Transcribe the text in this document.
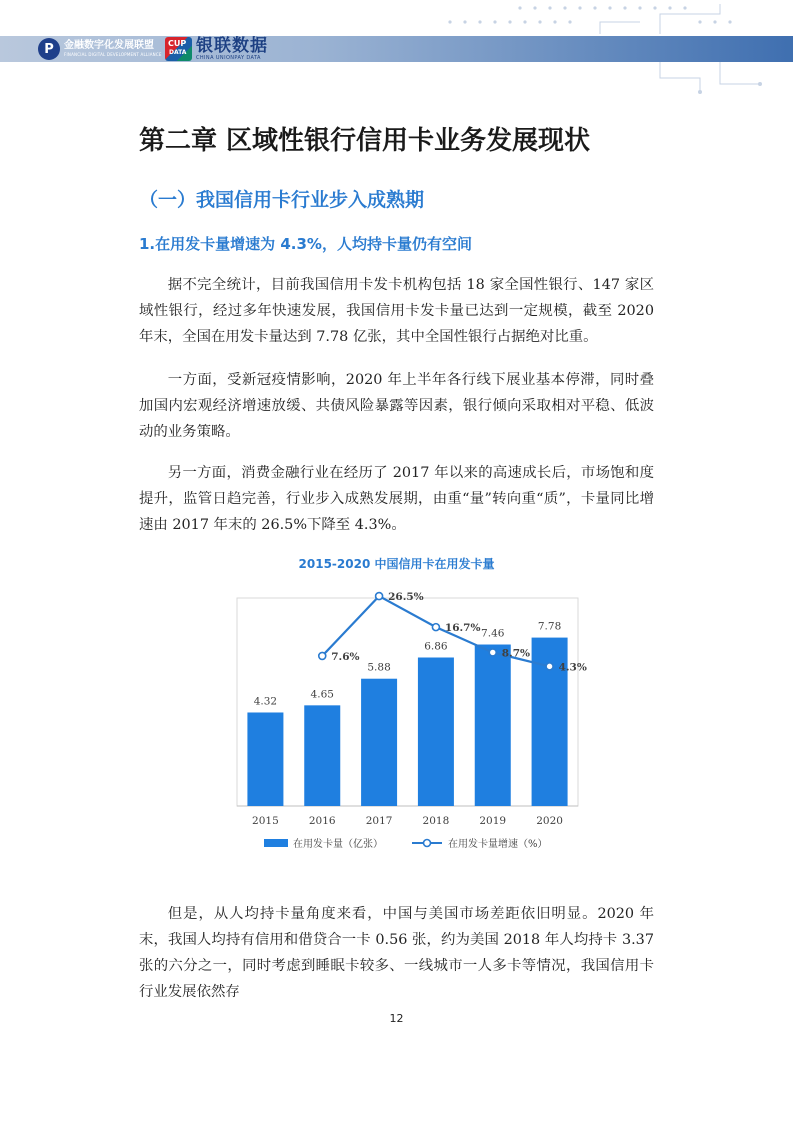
P	金融数字化发展联盟
FINANCIAL DIGITAL DEVELOPMENT ALLIANCE
CUP
DATA 银联数据
CHINA UNIONPAY DATA
第二章 区域性银行信用卡业务发展现状
（一）我国信用卡行业步入成熟期
1.在用发卡量增速为 4.3%，人均持卡量仍有空间

据不完全统计，目前我国信用卡发卡机构包括 18 家全国性银行、147 家区域性银行，经过多年快速发展，我国信用卡发卡量已达到一定规模，截至 2020 年末，全国在用发卡量达到 7.78 亿张，其中全国性银行占据绝对比重。

一方面，受新冠疫情影响，2020 年上半年各行线下展业基本停滞，同时叠加国内宏观经济增速放缓、共债风险暴露等因素，银行倾向采取相对平稳、低波动的业务策略。

另一方面，消费金融行业在经历了 2017 年以来的高速成长后，市场饱和度提升，监管日趋完善，行业步入成熟发展期，由重“量”转向重“质”，卡量同比增速由 2017 年末的 26.5%下降至 4.3%。

2015-2020 中国信用卡在用发卡量
4.32
2015
4.65
2016
5.88
2017
6.86
2018
7.46
2019
7.78
2020
7.6%
26.5%
16.7%
8.7%
4.3%
在用发卡量（亿张）	在用发卡量增速（%）

但是，从人均持卡量角度来看，中国与美国市场差距依旧明显。2020 年末，我国人均持有信用和借贷合一卡 0.56 张，约为美国 2018 年人均持卡 3.37 张的六分之一，同时考虑到睡眠卡较多、一线城市一人多卡等情况，我国信用卡行业发展依然存

12
